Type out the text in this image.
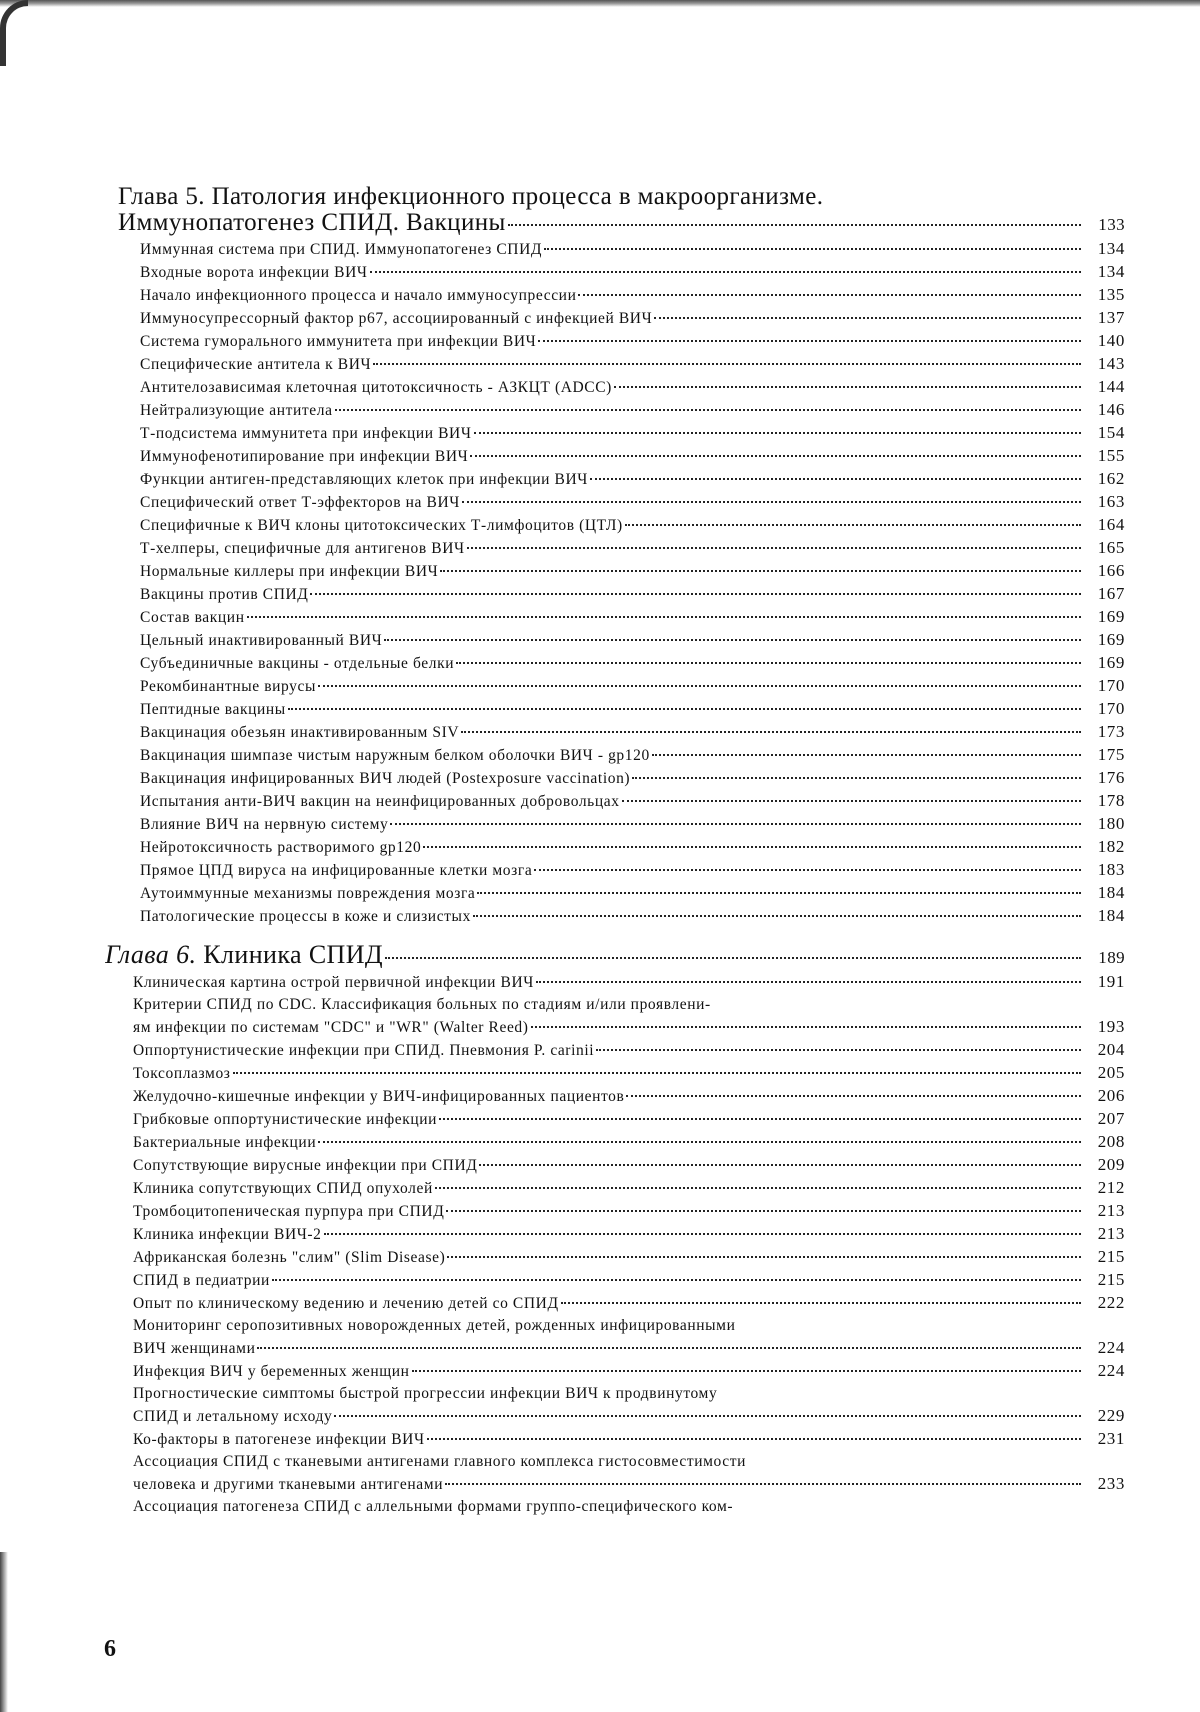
Глава 5. Патология инфекционного процесса в макроорганизме.
Иммунопатогенез СПИД. Вакцины	133
Иммунная система при СПИД. Иммунопатогенез СПИД	134
Входные ворота инфекции ВИЧ	134
Начало инфекционного процесса и начало иммуносупрессии	135
Иммуносупрессорный фактор р67, ассоциированный с инфекцией ВИЧ	137
Система гуморального иммунитета при инфекции ВИЧ	140
Специфические антитела к ВИЧ	143
Антителозависимая клеточная цитотоксичность - АЗКЦТ (ADCC)	144
Нейтрализующие антитела	146
Т-подсистема иммунитета при инфекции ВИЧ	154
Иммунофенотипирование при инфекции ВИЧ	155
Функции антиген-представляющих клеток при инфекции ВИЧ	162
Специфический ответ Т-эффекторов на ВИЧ	163
Специфичные к ВИЧ клоны цитотоксических Т-лимфоцитов (ЦТЛ)	164
Т-хелперы, специфичные для антигенов ВИЧ	165
Нормальные киллеры при инфекции ВИЧ	166
Вакцины против СПИД	167
Состав вакцин	169
Цельный инактивированный ВИЧ	169
Субъединичные вакцины - отдельные белки	169
Рекомбинантные вирусы	170
Пептидные вакцины	170
Вакцинация обезьян инактивированным SIV	173
Вакцинация шимпазе чистым наружным белком оболочки ВИЧ - gp120	175
Вакцинация инфицированных ВИЧ людей (Postexposure vaccination)	176
Испытания анти-ВИЧ вакцин на неинфицированных добровольцах	178
Влияние ВИЧ на нервную систему	180
Нейротоксичность растворимого gp120	182
Прямое ЦПД вируса на инфицированные клетки мозга	183
Аутоиммунные механизмы повреждения мозга	184
Патологические процессы в коже и слизистых	184
Глава 6. Клиника СПИД	189
Клиническая картина острой первичной инфекции ВИЧ	191
Критерии СПИД по CDC. Классификация больных по стадиям и/или проявлени-
ям инфекции по системам "CDC" и "WR" (Walter Reed)	193
Оппортунистические инфекции при СПИД. Пневмония P. carinii	204
Токсоплазмоз	205
Желудочно-кишечные инфекции у ВИЧ-инфицированных пациентов	206
Грибковые оппортунистические инфекции	207
Бактериальные инфекции	208
Сопутствующие вирусные инфекции при СПИД	209
Клиника сопутствующих СПИД опухолей	212
Тромбоцитопеническая пурпура при СПИД	213
Клиника инфекции ВИЧ-2	213
Африканская болезнь "слим" (Slim Disease)	215
СПИД в педиатрии	215
Опыт по клиническому ведению и лечению детей со СПИД	222
Мониторинг серопозитивных новорожденных детей, рожденных инфицированными
ВИЧ женщинами	224
Инфекция ВИЧ у беременных женщин	224
Прогностические симптомы быстрой прогрессии инфекции ВИЧ к продвинутому
СПИД и летальному исходу	229
Ко-факторы в патогенезе инфекции ВИЧ	231
Ассоциация СПИД с тканевыми антигенами главного комплекса гистосовместимости
человека и другими тканевыми антигенами	233
Ассоциация патогенеза СПИД с аллельными формами группо-специфического ком-
6
